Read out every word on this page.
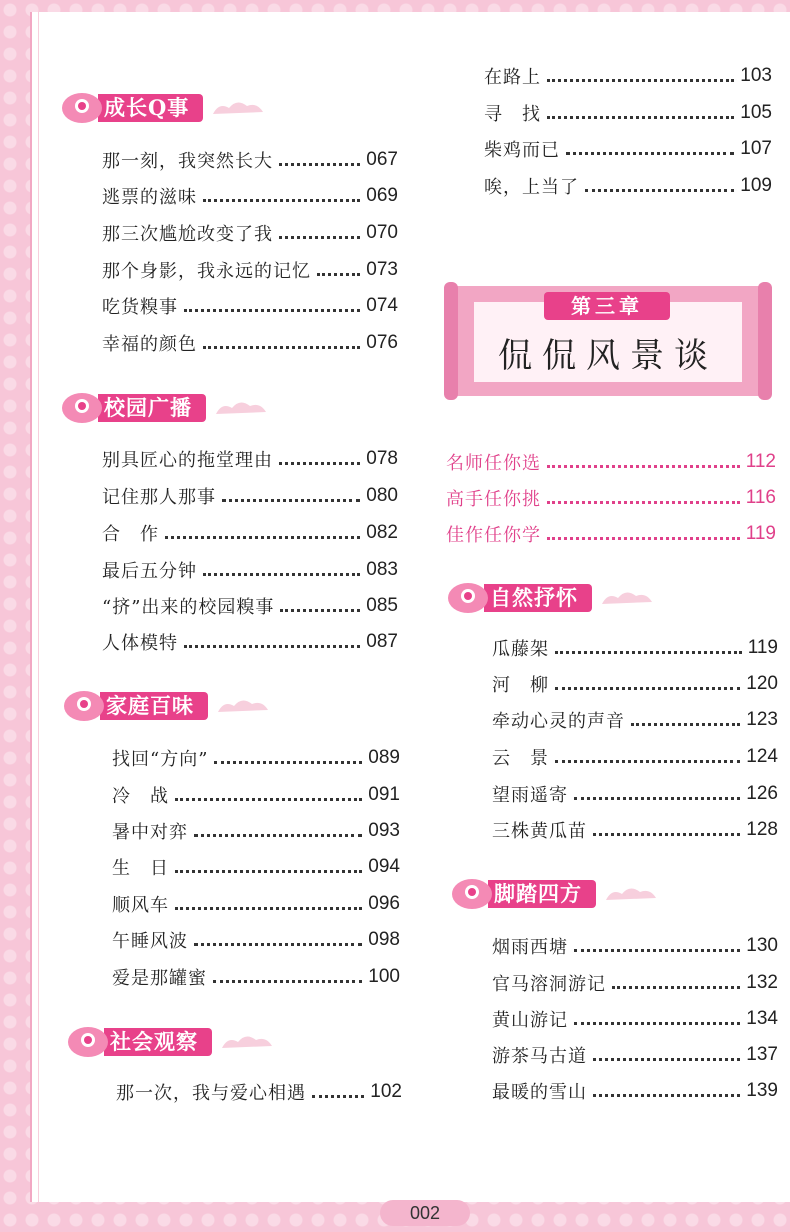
成长Q事
那一刻，我突然长大	067
逃票的滋味	069
那三次尴尬改变了我	070
那个身影，我永远的记忆	073
吃货糗事	074
幸福的颜色	076
校园广播
别具匠心的拖堂理由	078
记住那人那事	080
合　作	082
最后五分钟	083
“挤”出来的校园糗事	085
人体模特	087
家庭百味
找回“方向”	089
冷　战	091
暑中对弈	093
生　日	094
顺风车	096
午睡风波	098
爱是那罐蜜	100
社会观察
那一次，我与爱心相遇	102
在路上	103
寻　找	105
柴鸡而已	107
唉，上当了	109
第三章
侃侃风景谈
名师任你选	112
高手任你挑	116
佳作任你学	119
自然抒怀
瓜藤架	119
河　柳	120
牵动心灵的声音	123
云　景	124
望雨遥寄	126
三株黄瓜苗	128
脚踏四方
烟雨西塘	130
官马溶洞游记	132
黄山游记	134
游茶马古道	137
最暖的雪山	139
002
